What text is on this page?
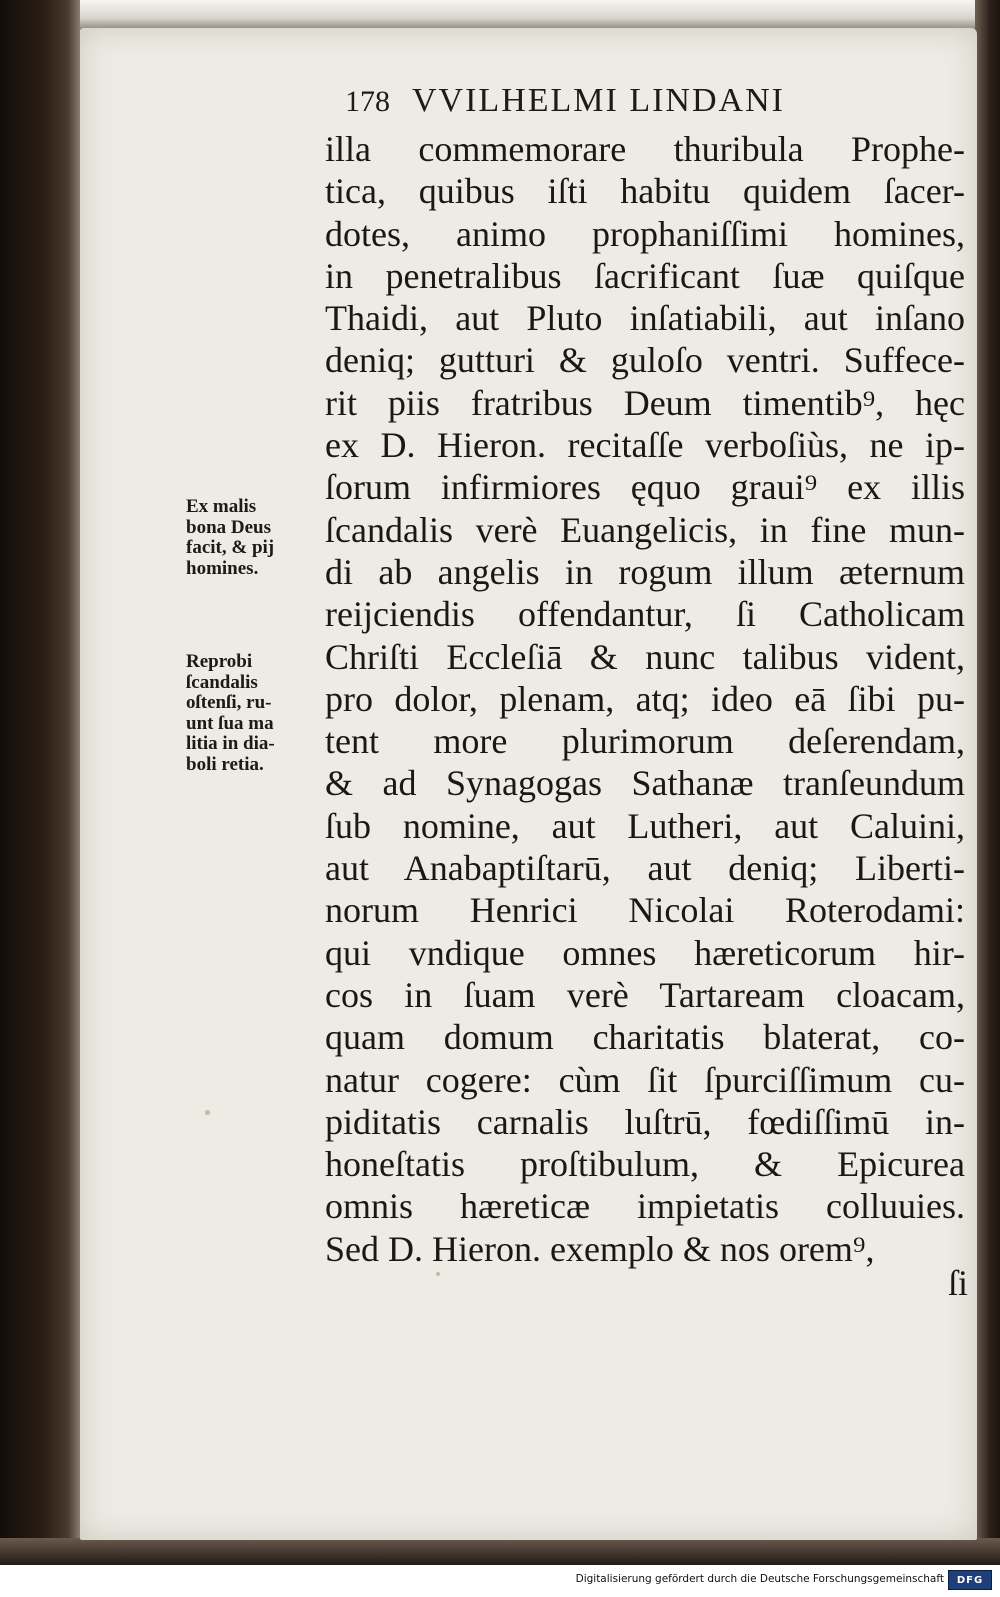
178 VVILHELMI LINDANI
illa commemorare thuribula Prophe-
tica, quibus iſti habitu quidem ſacer-
dotes, animo prophaniſſimi homines,
in penetralibus ſacrificant ſuæ quiſque
Thaidi, aut Pluto inſatiabili, aut inſano
deniq; gutturi & guloſo ventri. Suffece-
rit piis fratribus Deum timentib⁹, hęc
ex D. Hieron. recitaſſe verboſiùs, ne ip-
ſorum infirmiores ęquo graui⁹ ex illis
ſcandalis verè Euangelicis, in fine mun-
di ab angelis in rogum illum æternum
reijciendis offendantur, ſi Catholicam
Chriſti Eccleſiā & nunc talibus vident,
pro dolor, plenam, atq; ideo eā ſibi pu-
tent more plurimorum deſerendam,
& ad Synagogas Sathanæ tranſeundum
ſub nomine, aut Lutheri, aut Caluini,
aut Anabaptiſtarū, aut deniq; Liberti-
norum Henrici Nicolai Roterodami:
qui vndique omnes hæreticorum hir-
cos in ſuam verè Tartaream cloacam,
quam domum charitatis blaterat, co-
natur cogere: cùm ſit ſpurciſſimum cu-
piditatis carnalis luſtrū, fœdiſſimū in-
honeſtatis proſtibulum, & Epicurea
omnis hæreticæ impietatis colluuies.
Sed D. Hieron. exemplo & nos orem⁹,
Ex malis
bona Deus
facit, & pij
homines.
Reprobi
ſcandalis
oſtenſi, ru-
unt ſua ma
litia in dia-
boli retia.
ſi
Digitalisierung gefördert durch die Deutsche Forschungsgemeinschaft	DFG
